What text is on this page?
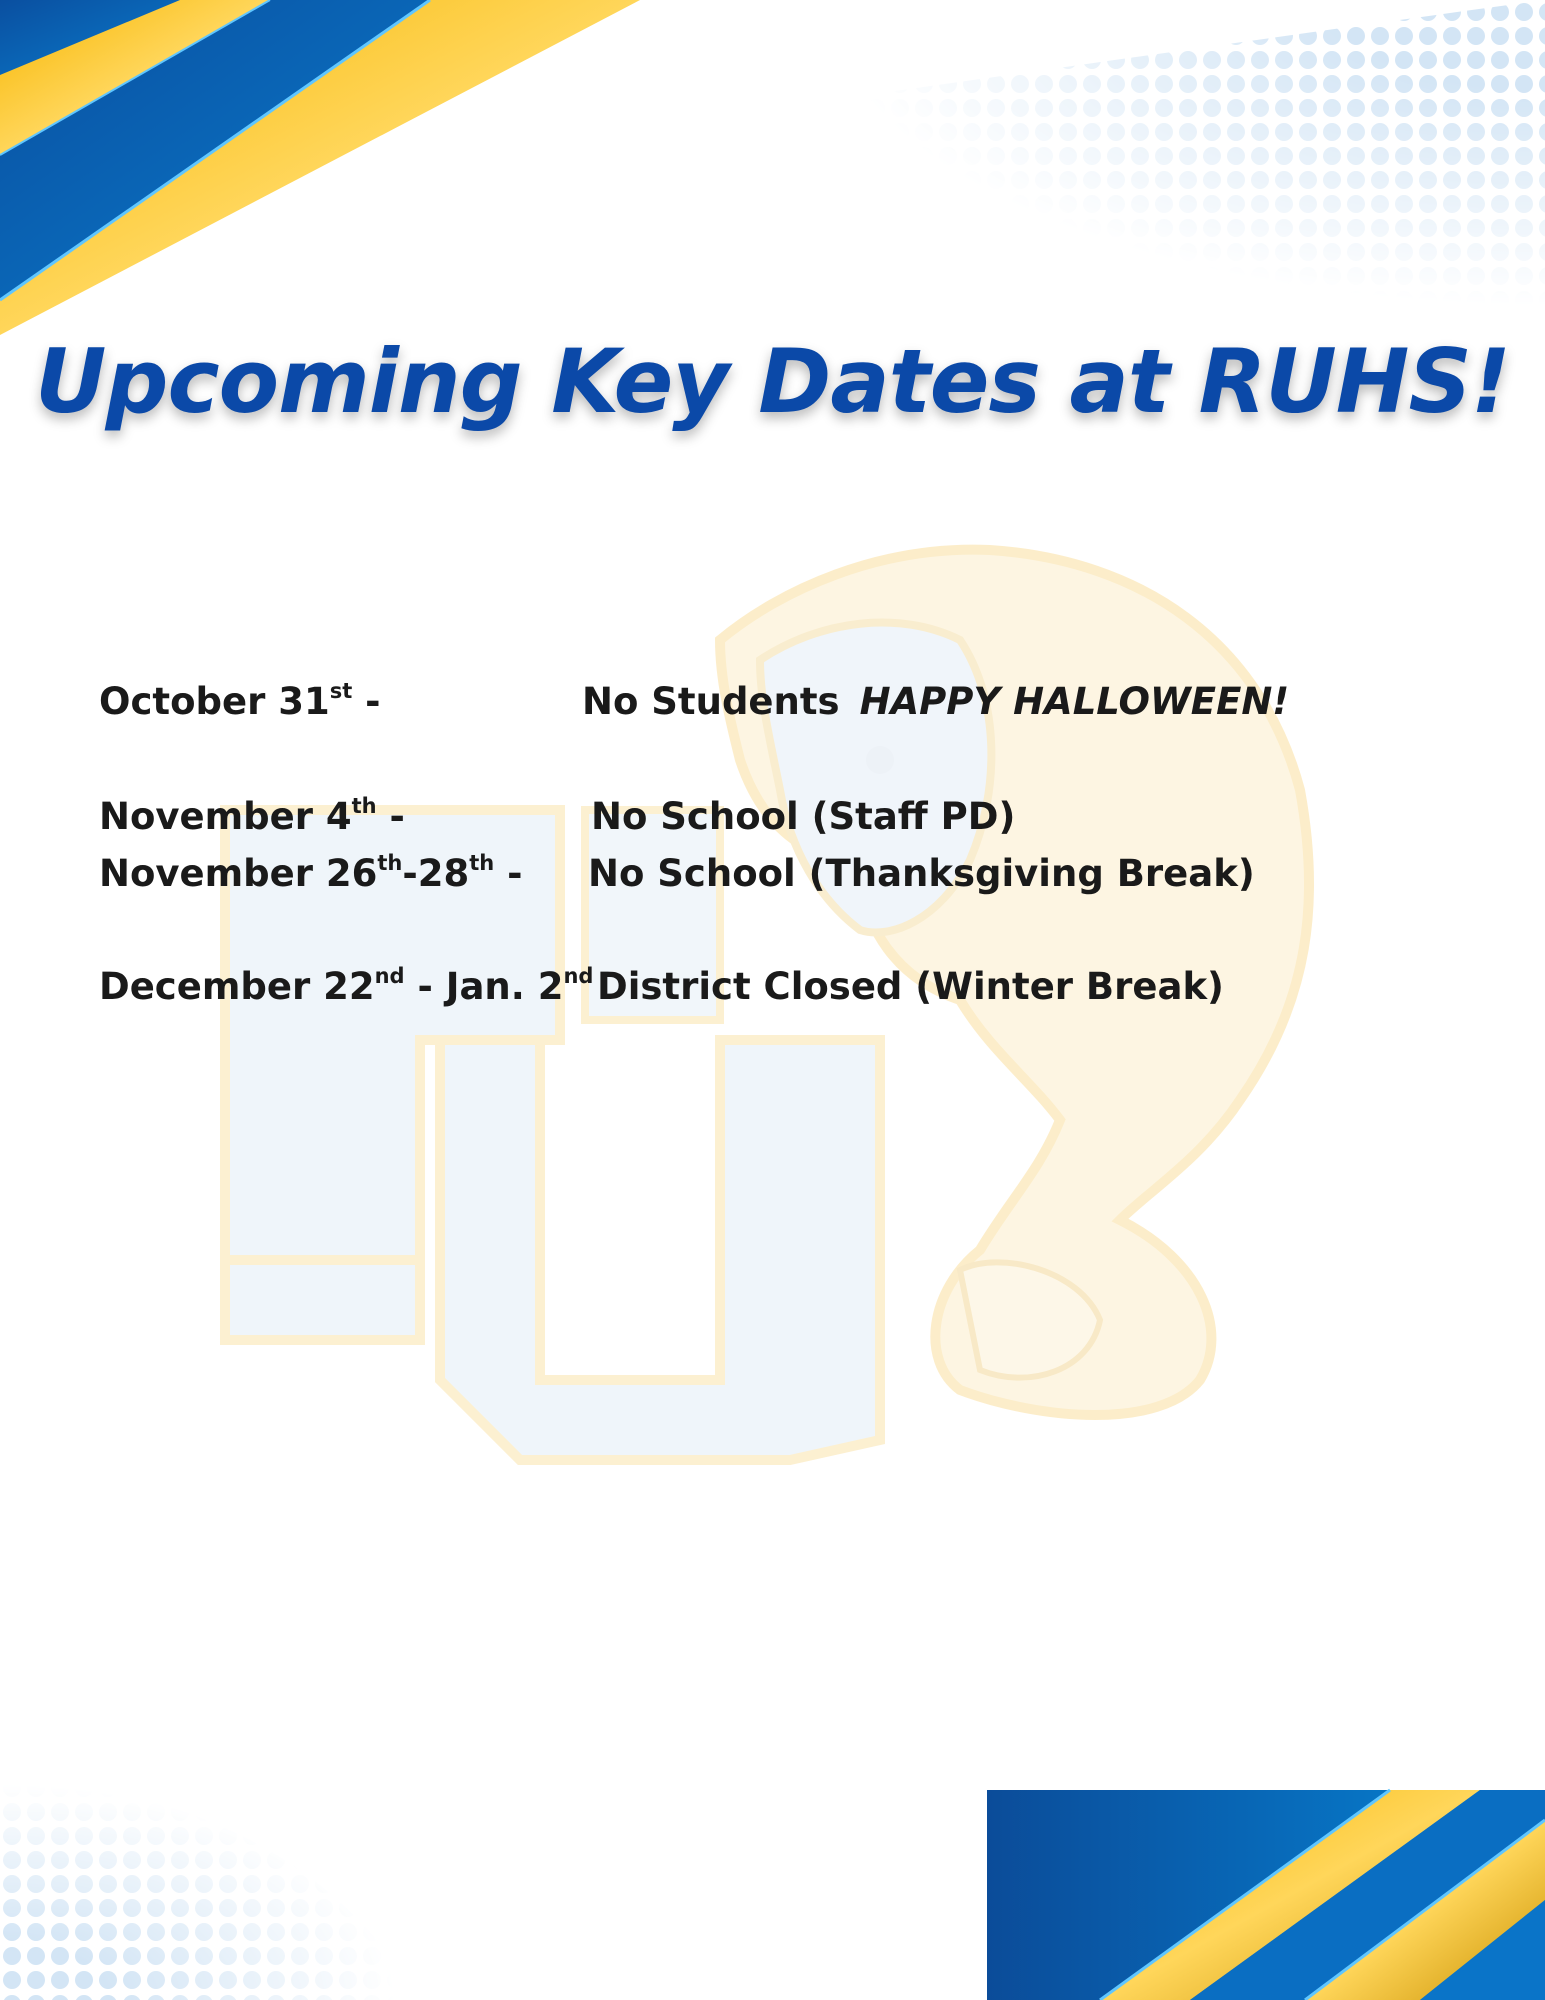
Upcoming Key Dates at RUHS!
October 31st -	No Students HAPPY HALLOWEEN!
November 4th -	No School (Staff PD)
November 26th-28th - No School (Thanksgiving Break)
December 22nd - Jan. 2nd District Closed (Winter Break)
